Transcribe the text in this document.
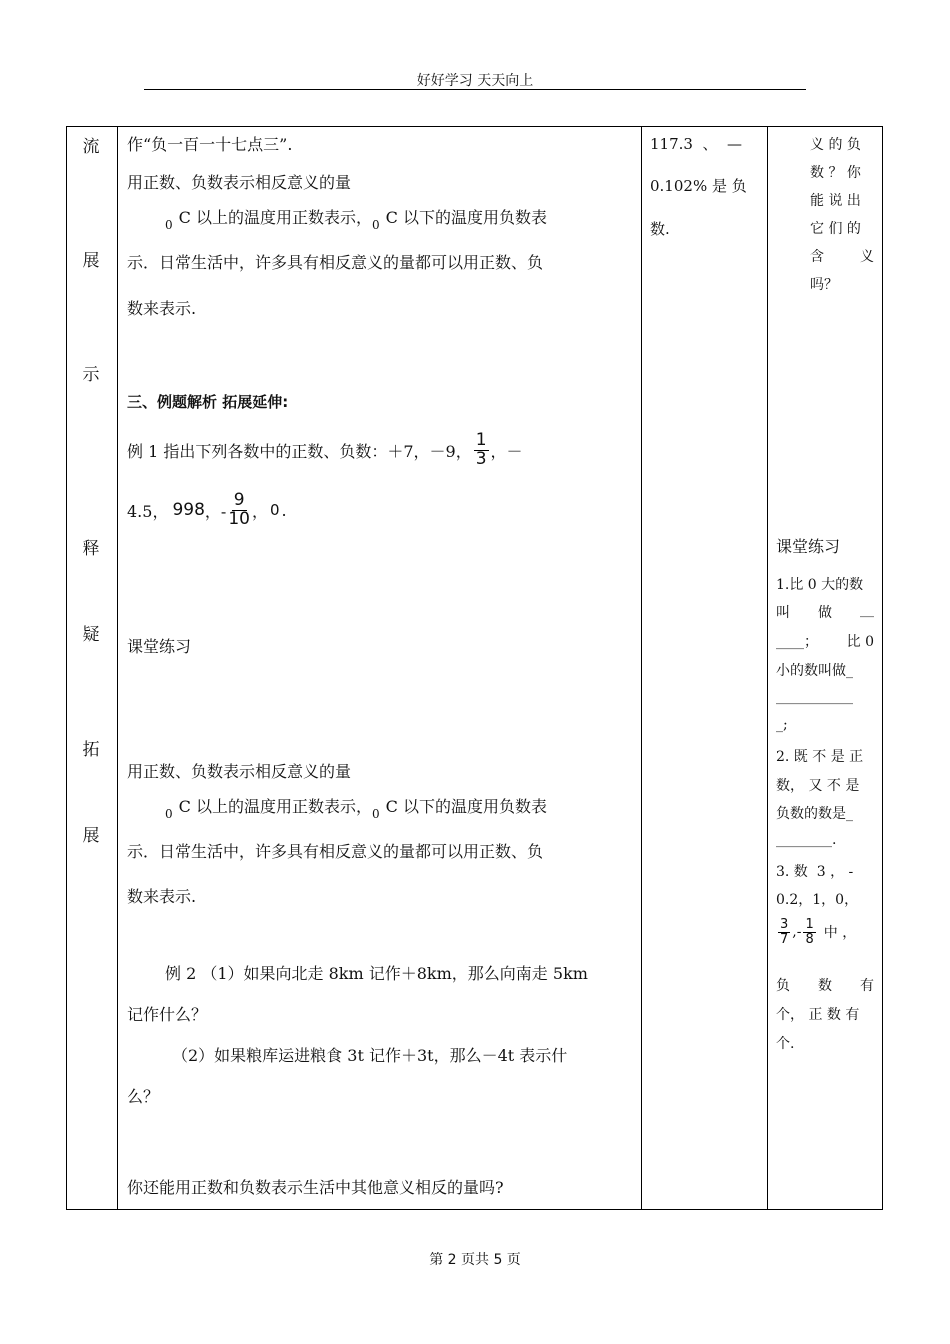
好好学习 天天向上
流
展
示
释
疑
拓
展
作“负一百一十七点三”.
用正数、负数表示相反意义的量
$_0$ C 以上的温度用正数表示，$_0$ C 以下的温度用负数表
示．日常生活中，许多具有相反意义的量都可以用正数、负
数来表示.
三、例题解析 拓展延伸:
例 1 指出下列各数中的正数、负数：＋7，－9， $\frac{1}{3}$ ，－
4.5， 998 ，- $\frac{9}{10}$ ， 0 .
课堂练习
用正数、负数表示相反意义的量
$_0$ C 以上的温度用正数表示，$_0$ C 以下的温度用负数表
示．日常生活中，许多具有相反意义的量都可以用正数、负
数来表示.
例 2 （1）如果向北走 8km 记作＋8km，那么向南走 5km
记作什么？
（2）如果粮库运进粮食 3t 记作＋3t，那么－4t 表示什
么？
你还能用正数和负数表示生活中其他意义相反的量吗?
117.3  、  —
0.102% 是 负
数.
义 的 负
数 ？ 你
能 说 出
它 们 的
含	义
吗？
课堂练习
1.比 0 大的数
叫 做 __
____； 比 0
小的数叫做_
___________
_;
2. 既 不 是 正
数， 又 不 是
负数的数是_
________.
3. 数  3 ， -
0.2，1，0，
$\frac{3}{7}$ ,- $\frac{1}{8}$ 中 ，
负 数 有
个， 正 数 有
个.
第 2 页共 5 页
